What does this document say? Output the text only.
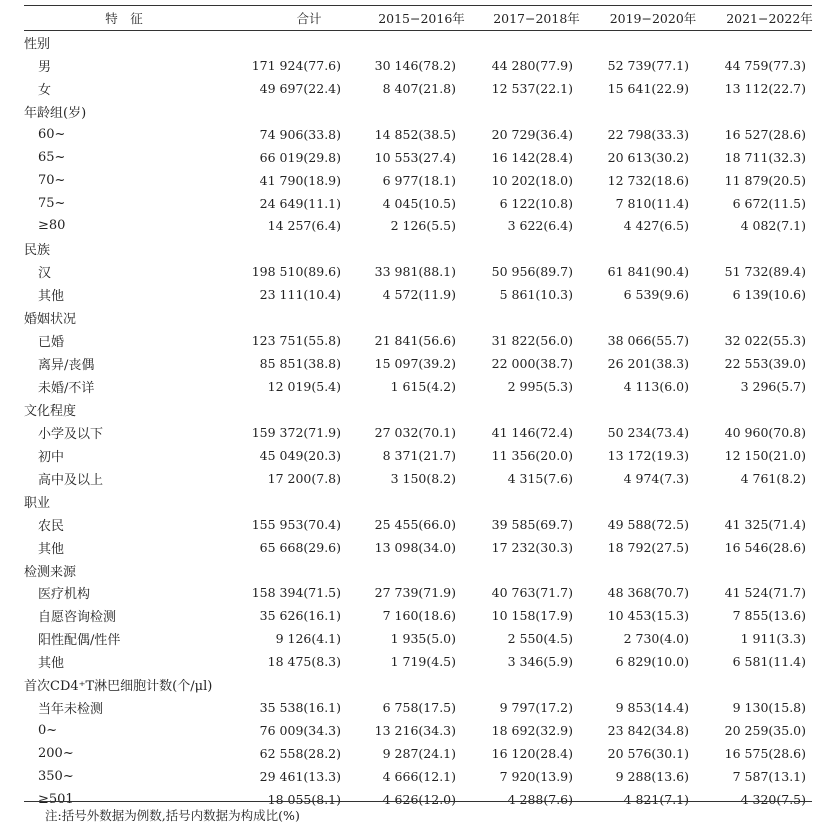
特　征	合计	2015−2016年	2017−2018年	2019−2020年	2021−2022年
性别
男	171 924(77.6)	30 146(78.2)	44 280(77.9)	52 739(77.1)	44 759(77.3)
女	49 697(22.4)	8 407(21.8)	12 537(22.1)	15 641(22.9)	13 112(22.7)
年龄组(岁)
60~	74 906(33.8)	14 852(38.5)	20 729(36.4)	22 798(33.3)	16 527(28.6)
65~	66 019(29.8)	10 553(27.4)	16 142(28.4)	20 613(30.2)	18 711(32.3)
70~	41 790(18.9)	6 977(18.1)	10 202(18.0)	12 732(18.6)	11 879(20.5)
75~	24 649(11.1)	4 045(10.5)	6 122(10.8)	7 810(11.4)	6 672(11.5)
≥80	14 257(6.4)	2 126(5.5)	3 622(6.4)	4 427(6.5)	4 082(7.1)
民族
汉	198 510(89.6)	33 981(88.1)	50 956(89.7)	61 841(90.4)	51 732(89.4)
其他	23 111(10.4)	4 572(11.9)	5 861(10.3)	6 539(9.6)	6 139(10.6)
婚姻状况
已婚	123 751(55.8)	21 841(56.6)	31 822(56.0)	38 066(55.7)	32 022(55.3)
离异/丧偶	85 851(38.8)	15 097(39.2)	22 000(38.7)	26 201(38.3)	22 553(39.0)
未婚/不详	12 019(5.4)	1 615(4.2)	2 995(5.3)	4 113(6.0)	3 296(5.7)
文化程度
小学及以下	159 372(71.9)	27 032(70.1)	41 146(72.4)	50 234(73.4)	40 960(70.8)
初中	45 049(20.3)	8 371(21.7)	11 356(20.0)	13 172(19.3)	12 150(21.0)
高中及以上	17 200(7.8)	3 150(8.2)	4 315(7.6)	4 974(7.3)	4 761(8.2)
职业
农民	155 953(70.4)	25 455(66.0)	39 585(69.7)	49 588(72.5)	41 325(71.4)
其他	65 668(29.6)	13 098(34.0)	17 232(30.3)	18 792(27.5)	16 546(28.6)
检测来源
医疗机构	158 394(71.5)	27 739(71.9)	40 763(71.7)	48 368(70.7)	41 524(71.7)
自愿咨询检测	35 626(16.1)	7 160(18.6)	10 158(17.9)	10 453(15.3)	7 855(13.6)
阳性配偶/性伴	9 126(4.1)	1 935(5.0)	2 550(4.5)	2 730(4.0)	1 911(3.3)
其他	18 475(8.3)	1 719(4.5)	3 346(5.9)	6 829(10.0)	6 581(11.4)
首次CD4⁺T淋巴细胞计数(个/μl)
当年未检测	35 538(16.1)	6 758(17.5)	9 797(17.2)	9 853(14.4)	9 130(15.8)
0~	76 009(34.3)	13 216(34.3)	18 692(32.9)	23 842(34.8)	20 259(35.0)
200~	62 558(28.2)	9 287(24.1)	16 120(28.4)	20 576(30.1)	16 575(28.6)
350~	29 461(13.3)	4 666(12.1)	7 920(13.9)	9 288(13.6)	7 587(13.1)
≥501	18 055(8.1)	4 626(12.0)	4 288(7.6)	4 821(7.1)	4 320(7.5)
注:括号外数据为例数,括号内数据为构成比(%)
